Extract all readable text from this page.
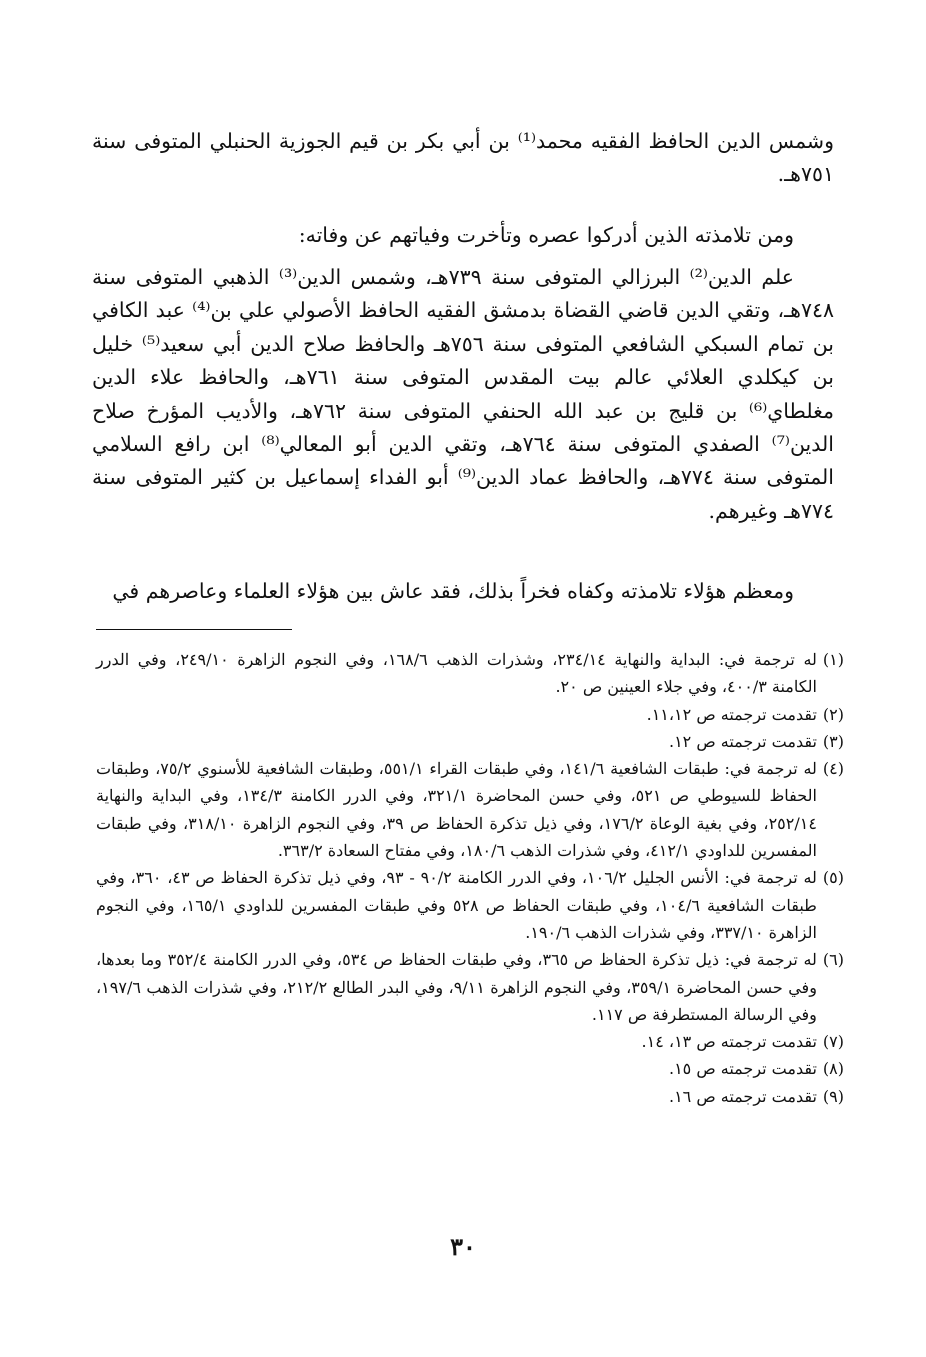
وشمس الدين الحافظ الفقيه محمد⁽¹⁾ بن أبي بكر بن قيم الجوزية الحنبلي المتوفى سنة ٧٥١هـ.

ومن تلامذته الذين أدركوا عصره وتأخرت وفياتهم عن وفاته:

علم الدين⁽²⁾ البرزالي المتوفى سنة ٧٣٩هـ، وشمس الدين⁽³⁾ الذهبي المتوفى سنة ٧٤٨هـ، وتقي الدين قاضي القضاة بدمشق الفقيه الحافظ الأصولي علي بن⁽⁴⁾ عبد الكافي بن تمام السبكي الشافعي المتوفى سنة ٧٥٦هـ والحافظ صلاح الدين أبي سعيد⁽⁵⁾ خليل بن كيكلدي العلائي عالم بيت المقدس المتوفى سنة ٧٦١هـ، والحافظ علاء الدين مغلطاي⁽⁶⁾ بن قليج بن عبد الله الحنفي المتوفى سنة ٧٦٢هـ، والأديب المؤرخ صلاح الدين⁽⁷⁾ الصفدي المتوفى سنة ٧٦٤هـ، وتقي الدين أبو المعالي⁽⁸⁾ ابن رافع السلامي المتوفى سنة ٧٧٤هـ، والحافظ عماد الدين⁽⁹⁾ أبو الفداء إسماعيل بن كثير المتوفى سنة ٧٧٤هـ وغيرهم.

ومعظم هؤلاء تلامذته وكفاه فخراً بذلك، فقد عاش بين هؤلاء العلماء وعاصرهم في

(١)
له ترجمة في: البداية والنهاية ٢٣٤/١٤، وشذرات الذهب ١٦٨/٦، وفي النجوم الزاهرة ٢٤٩/١٠، وفي الدرر الكامنة ٤٠٠/٣، وفي جلاء العينين ص ٢٠.
(٢)
تقدمت ترجمته ص ١١،١٢.
(٣)
تقدمت ترجمته ص ١٢.
(٤)
له ترجمة في: طبقات الشافعية ١٤١/٦، وفي طبقات القراء ٥٥١/١، وطبقات الشافعية للأسنوي ٧٥/٢، وطبقات الحفاظ للسيوطي ص ٥٢١، وفي حسن المحاضرة ٣٢١/١، وفي الدرر الكامنة ١٣٤/٣، وفي البداية والنهاية ٢٥٢/١٤، وفي بغية الوعاة ١٧٦/٢، وفي ذيل تذكرة الحفاظ ص ٣٩، وفي النجوم الزاهرة ٣١٨/١٠، وفي طبقات المفسرين للداودي ٤١٢/١، وفي شذرات الذهب ١٨٠/٦، وفي مفتاح السعادة ٣٦٣/٢.
(٥)
له ترجمة في: الأنس الجليل ١٠٦/٢، وفي الدرر الكامنة ٩٠/٢ - ٩٣، وفي ذيل تذكرة الحفاظ ص ٤٣، ٣٦٠، وفي طبقات الشافعية ١٠٤/٦، وفي طبقات الحفاظ ص ٥٢٨ وفي طبقات المفسرين للداودي ١٦٥/١، وفي النجوم الزاهرة ٣٣٧/١٠، وفي شذرات الذهب ١٩٠/٦.
(٦)
له ترجمة في: ذيل تذكرة الحفاظ ص ٣٦٥، وفي طبقات الحفاظ ص ٥٣٤، وفي الدرر الكامنة ٣٥٢/٤ وما بعدها، وفي حسن المحاضرة ٣٥٩/١، وفي النجوم الزاهرة ٩/١١، وفي البدر الطالع ٢١٢/٢، وفي شذرات الذهب ١٩٧/٦، وفي الرسالة المستطرفة ص ١١٧.
(٧)
تقدمت ترجمته ص ١٣، ١٤.
(٨)
تقدمت ترجمته ص ١٥.
(٩)
تقدمت ترجمته ص ١٦.
٣٠
